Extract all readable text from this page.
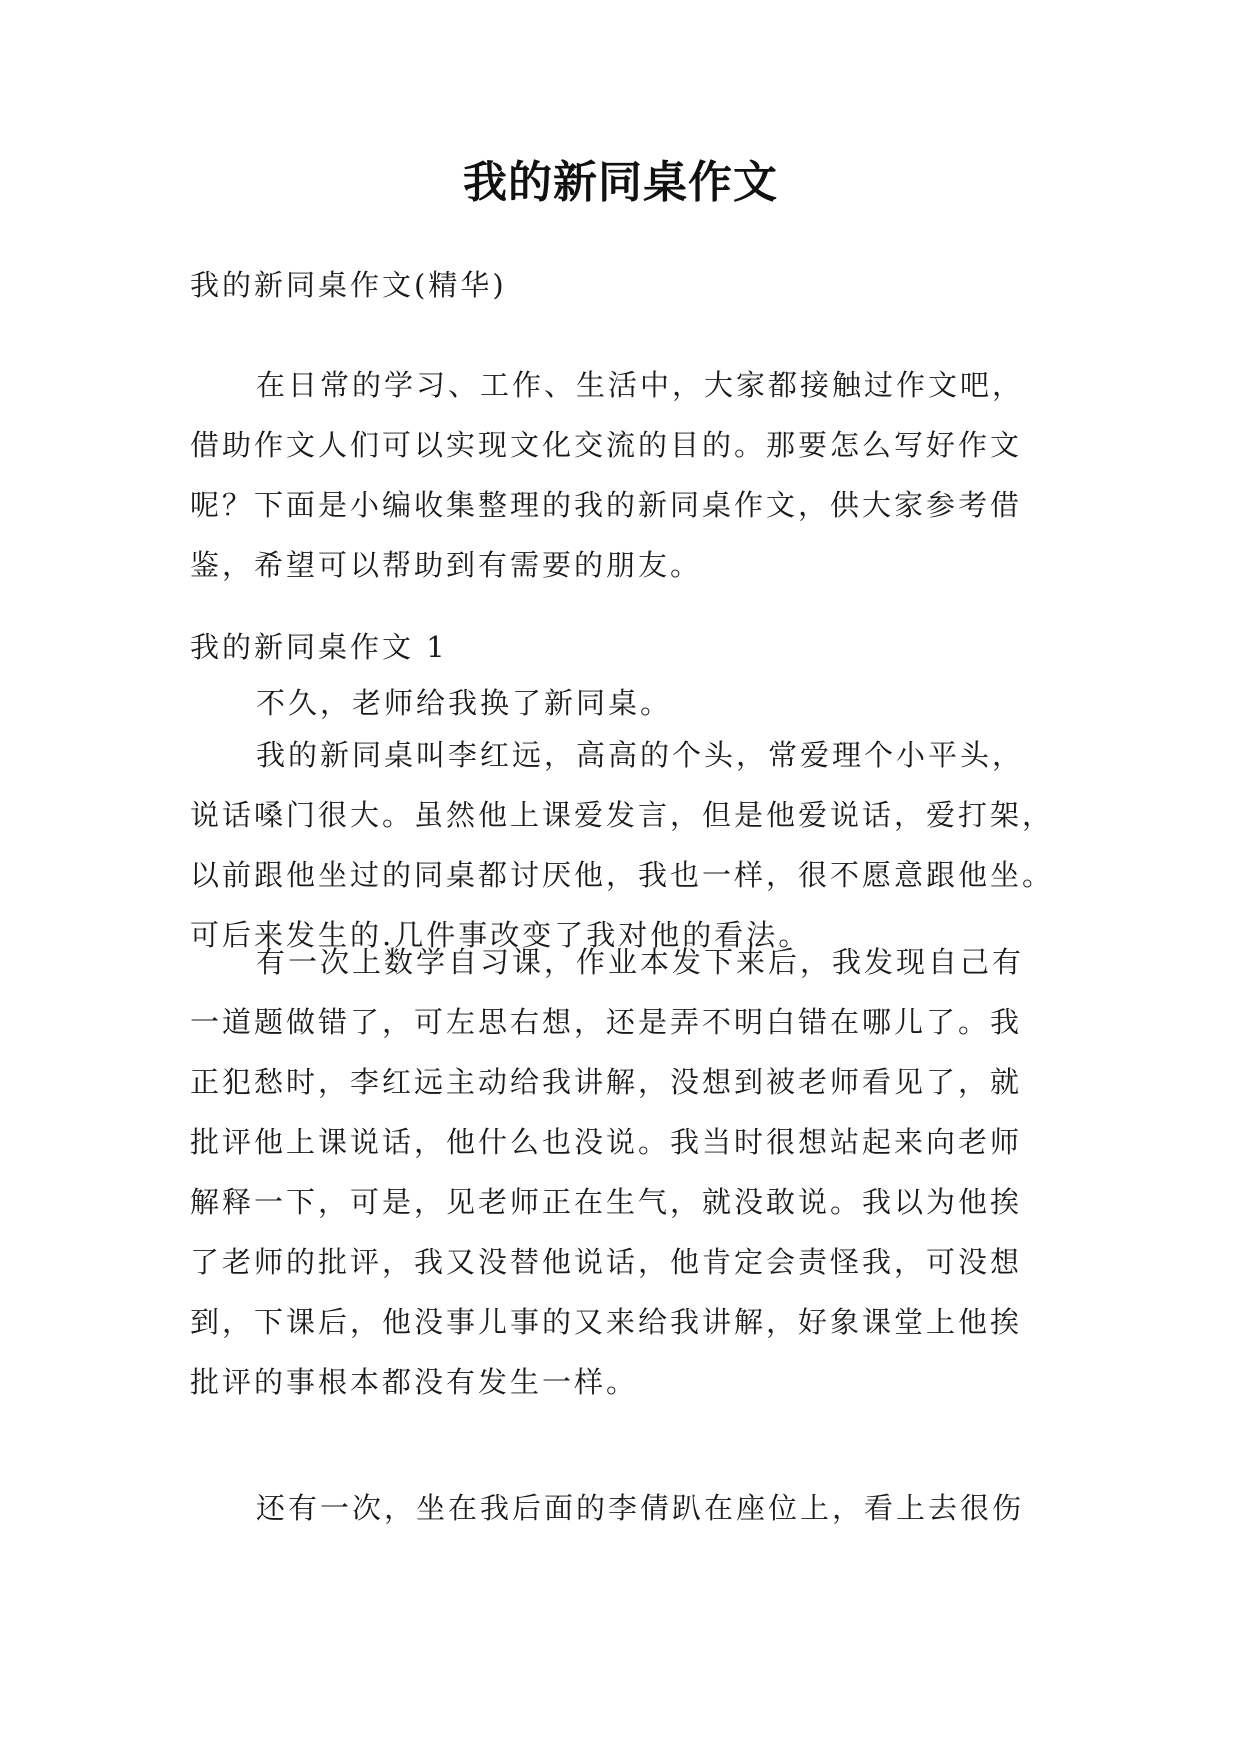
我的新同桌作文

我的新同桌作文(精华)

在日常的学习、工作、生活中，大家都接触过作文吧，
借助作文人们可以实现文化交流的目的。那要怎么写好作文
呢？下面是小编收集整理的我的新同桌作文，供大家参考借
鉴，希望可以帮助到有需要的朋友。

我的新同桌作文 1

不久，老师给我换了新同桌。

我的新同桌叫李红远，高高的个头，常爱理个小平头，
说话嗓门很大。虽然他上课爱发言，但是他爱说话，爱打架，
以前跟他坐过的同桌都讨厌他，我也一样，很不愿意跟他坐。
可后来发生的.几件事改变了我对他的看法。

有一次上数学自习课，作业本发下来后，我发现自己有
一道题做错了，可左思右想，还是弄不明白错在哪儿了。我
正犯愁时，李红远主动给我讲解，没想到被老师看见了，就
批评他上课说话，他什么也没说。我当时很想站起来向老师
解释一下，可是，见老师正在生气，就没敢说。我以为他挨
了老师的批评，我又没替他说话，他肯定会责怪我，可没想
到，下课后，他没事儿事的又来给我讲解，好象课堂上他挨
批评的事根本都没有发生一样。

还有一次，坐在我后面的李倩趴在座位上，看上去很伤
